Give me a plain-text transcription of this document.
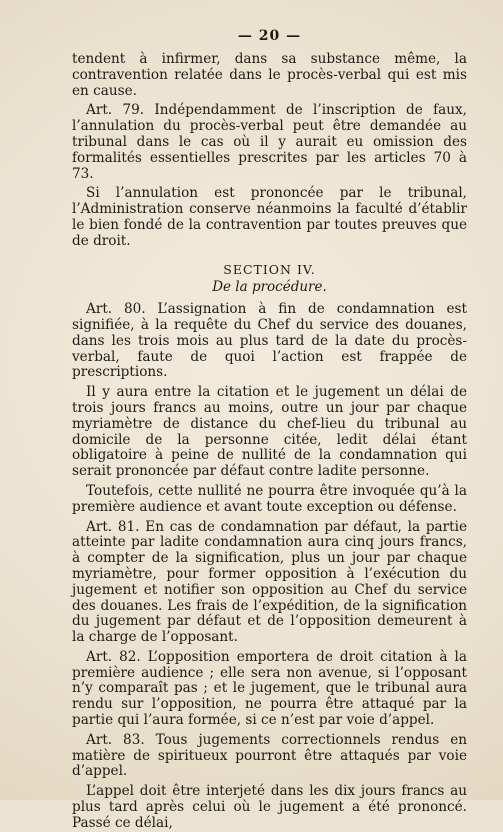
— 20 —

tendent à infirmer, dans sa substance même, la contravention relatée dans le procès-verbal qui est mis en cause.

Art. 79. Indépendamment de l’inscription de faux, l’annulation du procès-verbal peut être demandée au tribunal dans le cas où il y aurait eu omission des formalités essentielles prescrites par les articles 70 à 73.

Si l’annulation est prononcée par le tribunal, l’Administration conserve néanmoins la faculté d’établir le bien fondé de la contravention par toutes preuves que de droit.

SECTION IV.
De la procédure.

Art. 80. L’assignation à fin de condamnation est signifiée, à la requête du Chef du service des douanes, dans les trois mois au plus tard de la date du procès-verbal, faute de quoi l’action est frappée de prescriptions.

Il y aura entre la citation et le jugement un délai de trois jours francs au moins, outre un jour par chaque myriamètre de distance du chef-lieu du tribunal au domicile de la personne citée, ledit délai étant obligatoire à peine de nullité de la condamnation qui serait prononcée par défaut contre ladite personne.

Toutefois, cette nullité ne pourra être invoquée qu’à la première audience et avant toute exception ou défense.

Art. 81. En cas de condamnation par défaut, la partie atteinte par ladite condamnation aura cinq jours francs, à compter de la signification, plus un jour par chaque myriamètre, pour former opposition à l’exécution du jugement et notifier son opposition au Chef du service des douanes. Les frais de l’expédition, de la signification du jugement par défaut et de l’opposition demeurent à la charge de l’opposant.

Art. 82. L’opposition emportera de droit citation à la première audience ; elle sera non avenue, si l’opposant n’y comparaît pas ; et le jugement, que le tribunal aura rendu sur l’opposition, ne pourra être attaqué par la partie qui l’aura formée, si ce n’est par voie d’appel.

Art. 83. Tous jugements correctionnels rendus en matière de spiritueux pourront être attaqués par voie d’appel.

L’appel doit être interjeté dans les dix jours francs au plus tard après celui où le jugement a été prononcé. Passé ce délai,
